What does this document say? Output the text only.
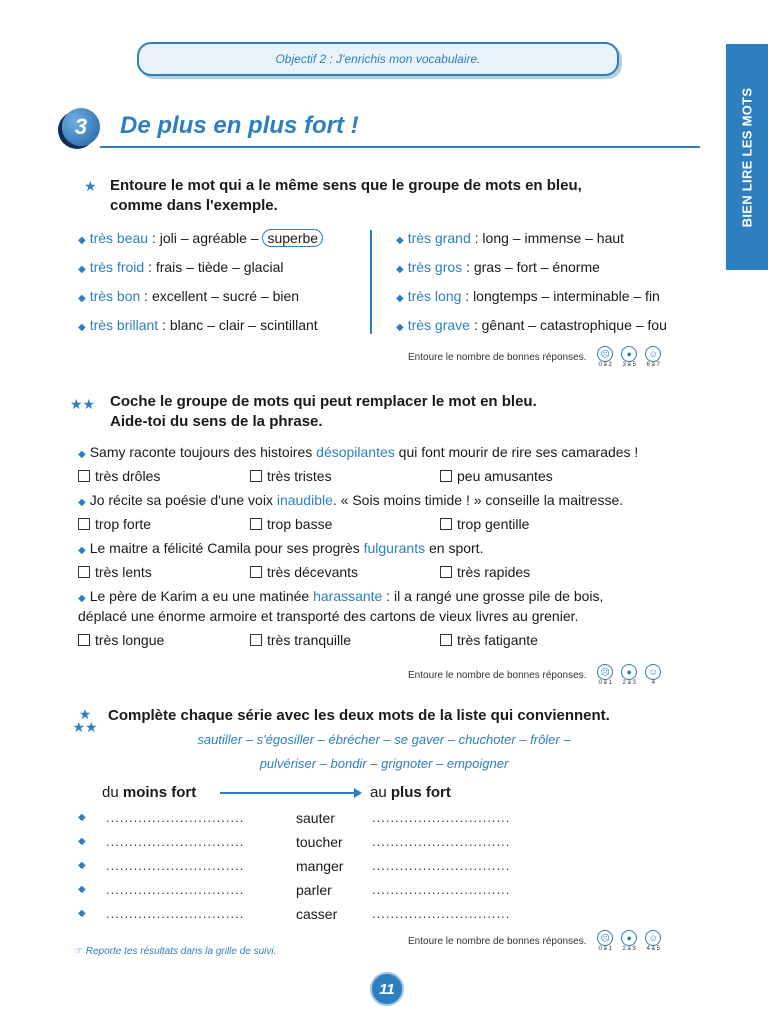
Objectif 2 : J'enrichis mon vocabulaire.
BIEN LIRE LES MOTS
3 De plus en plus fort !
★ Entoure le mot qui a le même sens que le groupe de mots en bleu,
comme dans l'exemple.
◆ très beau : joli – agréable – superbe
◆ très froid : frais – tiède – glacial
◆ très bon : excellent – sucré – bien
◆ très brillant : blanc – clair – scintillant
◆ très grand : long – immense – haut
◆ très gros : gras – fort – énorme
◆ très long : longtemps – interminable – fin
◆ très grave : gênant – catastrophique – fou
Entoure le nombre de bonnes réponses.	☹
0 à 2
●
3 à 5
☺
6 à 7
★★ Coche le groupe de mots qui peut remplacer le mot en bleu.
Aide-toi du sens de la phrase.
◆ Samy raconte toujours des histoires désopilantes qui font mourir de rire ses camarades !
très drôles	très tristes	peu amusantes
◆ Jo récite sa poésie d'une voix inaudible. « Sois moins timide ! » conseille la maitresse.
trop forte	trop basse	trop gentille
◆ Le maitre a félicité Camila pour ses progrès fulgurants en sport.
très lents	très décevants	très rapides
◆ Le père de Karim a eu une matinée harassante : il a rangé une grosse pile de bois,
déplacé une énorme armoire et transporté des cartons de vieux livres au grenier.
très longue	très tranquille	très fatigante
Entoure le nombre de bonnes réponses.	☹
0 à 1
●
2 à 3
☺
4
★
★★
Complète chaque série avec les deux mots de la liste qui conviennent.
sautiller – s'égosiller – ébrécher – se gaver – chuchoter – frôler –
pulvériser – bondir – grignoter – empoigner
du moins fort	au plus fort
◆ ..............................	sauter	..............................
◆ ..............................	toucher ..............................
◆ ..............................	manger ..............................
◆ ..............................	parler	..............................
◆ ..............................	casser	..............................
Entoure le nombre de bonnes réponses.	☹
0 à 1
●
2 à 3
☺
4 à 5
☞ Reporte tes résultats dans la grille de suivi.
11
